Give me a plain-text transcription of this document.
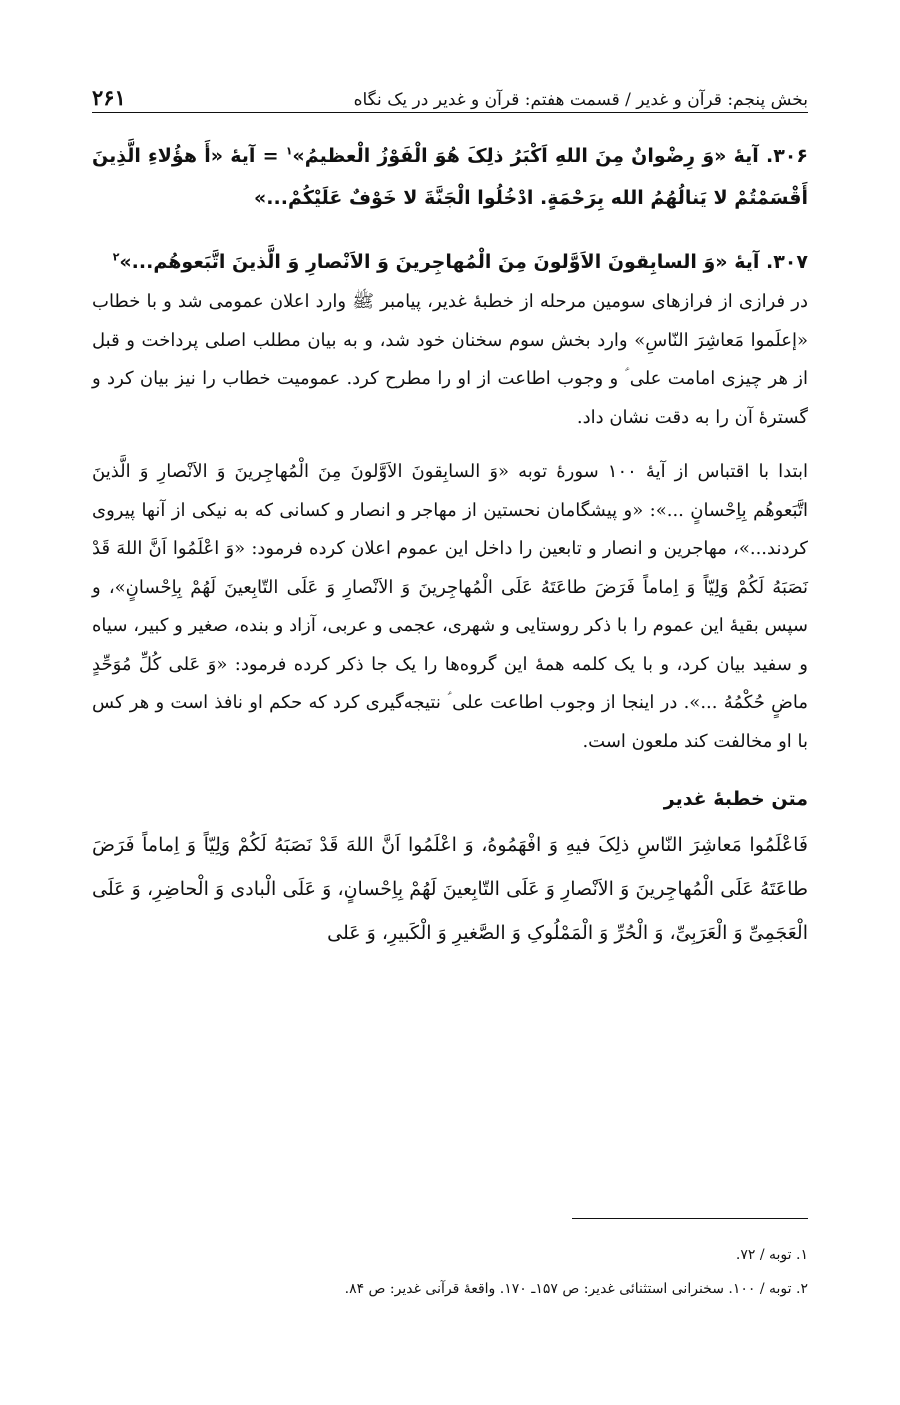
بخش پنجم: قرآن و غدیر / قسمت هفتم: قرآن و غدیر در یک نگاه
۲۶۱

۳۰۶. آیهٔ «وَ رِضْوانٌ مِنَ اللهِ اَکْبَرُ ذلِکَ هُوَ الْفَوْزُ الْعظیمُ»$^۱$ = آیهٔ «أَ هؤُلاءِ الَّذِینَ أَقْسَمْتُمْ لا یَنالُهُمُ الله بِرَحْمَةٍ. ادْخُلُوا الْجَنَّةَ لا خَوْفٌ عَلَیْکُمْ...»

۳۰۷. آیهٔ «وَ السابِقونَ الاَوَّلونَ مِنَ الْمُهاجِرینَ وَ الاَنْصارِ وَ الَّذینَ اتَّبَعوهُم...»$^۲$

در فرازی از فرازهای سومین مرحله از خطبهٔ غدیر، پیامبر ﷺ وارد اعلان عمومی شد و با خطاب «إعلَموا مَعاشِرَ النّاسِ» وارد بخش سوم سخنان خود شد، و به بیان مطلب اصلی پرداخت و قبل از هر چیزی امامت علی ؑ و وجوب اطاعت از او را مطرح کرد. عمومیت خطاب را نیز بیان کرد و گسترهٔ آن را به دقت نشان داد.

ابتدا با اقتباس از آیهٔ ۱۰۰ سورهٔ توبه «وَ السابِقونَ الاَوَّلونَ مِنَ الْمُهاجِرینَ وَ الاَنْصارِ وَ الَّذینَ اتَّبَعوهُم بِاِحْسانٍ ...»: «و پیشگامان نحستین از مهاجر و انصار و کسانی که به نیکی از آنها پیروی کردند...»، مهاجرین و انصار و تابعین را داخل این عموم اعلان کرده فرمود: «وَ اعْلَمُوا اَنَّ اللهَ قَدْ نَصَبَهُ لَکُمْ وَلِیّاً وَ اِماماً فَرَضَ طاعَتَهُ عَلَی الْمُهاجِرینَ وَ الاَنْصارِ وَ عَلَی التّابِعینَ لَهُمْ بِاِحْسانٍ»، و سپس بقیهٔ این عموم را با ذکر روستایی و شهری، عجمی و عربی، آزاد و بنده، صغیر و کبیر، سیاه و سفید بیان کرد، و با یک کلمه همهٔ این گروه‌ها را یک جا ذکر کرده فرمود: «وَ عَلی کُلِّ مُوَحِّدٍ ماضٍ حُکْمُهُ ...». در اینجا از وجوب اطاعت علی ؑ نتیجه‌گیری کرد که حکم او نافذ است و هر کس با او مخالفت کند ملعون است.

متن خطبهٔ غدیر

فَاعْلَمُوا مَعاشِرَ النّاسِ ذلِکَ فیهِ وَ افْهَمُوهُ، وَ اعْلَمُوا اَنَّ اللهَ قَدْ نَصَبَهُ لَکُمْ وَلِیّاً وَ اِماماً فَرَضَ طاعَتَهُ عَلَی الْمُهاجِرینَ وَ الاَنْصارِ وَ عَلَی التّابِعینَ لَهُمْ بِاِحْسانٍ، وَ عَلَی الْبادی وَ الْحاضِرِ، وَ عَلَی الْعَجَمِیِّ وَ الْعَرَبِیِّ، وَ الْحُرِّ وَ الْمَمْلُوکِ وَ الصَّغیرِ وَ الْکَبیرِ، وَ عَلی

۱. توبه / ۷۲.

۲. توبه / ۱۰۰. سخنرانی استثنائی غدیر: ص ۱۵۷ـ ۱۷۰. واقعهٔ قرآنی غدیر: ص ۸۴.
